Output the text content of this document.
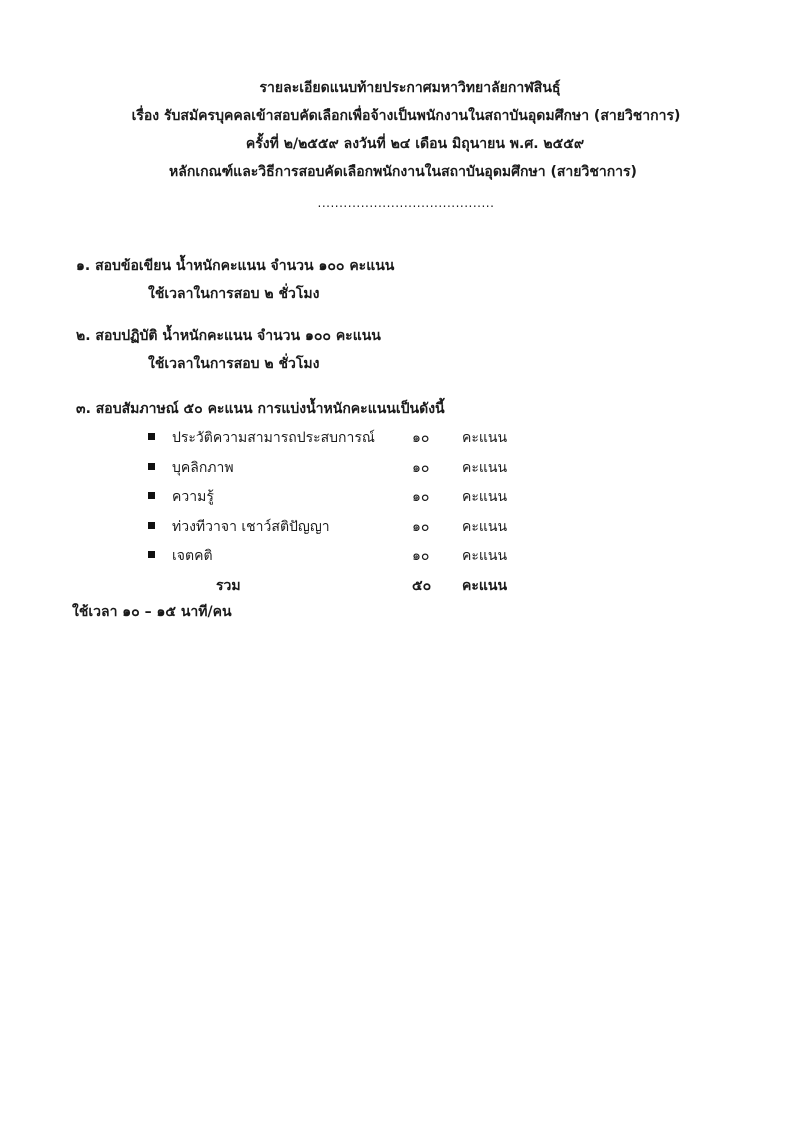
รายละเอียดแนบท้ายประกาศมหาวิทยาลัยกาฬสินธุ์
เรื่อง รับสมัครบุคคลเข้าสอบคัดเลือกเพื่อจ้างเป็นพนักงานในสถาบันอุดมศึกษา (สายวิชาการ)
ครั้งที่ ๒/๒๕๕๙ ลงวันที่ ๒๔ เดือน มิถุนายน พ.ศ. ๒๕๕๙
หลักเกณฑ์และวิธีการสอบคัดเลือกพนักงานในสถาบันอุดมศึกษา (สายวิชาการ)
.........................................
๑. สอบข้อเขียน น้ำหนักคะแนน จำนวน ๑๐๐ คะแนน
ใช้เวลาในการสอบ ๒ ชั่วโมง
๒. สอบปฏิบัติ น้ำหนักคะแนน จำนวน ๑๐๐ คะแนน
ใช้เวลาในการสอบ ๒ ชั่วโมง
๓. สอบสัมภาษณ์ ๕๐ คะแนน การแบ่งน้ำหนักคะแนนเป็นดังนี้
ประวัติความสามารถประสบการณ์	๑๐ คะแนน
บุคลิกภาพ	๑๐ คะแนน
ความรู้	๑๐ คะแนน
ท่วงทีวาจา เชาว์สติปัญญา	๑๐ คะแนน
เจตคติ	๑๐ คะแนน
รวม	๕๐ คะแนน
ใช้เวลา ๑๐ – ๑๕ นาที/คน
